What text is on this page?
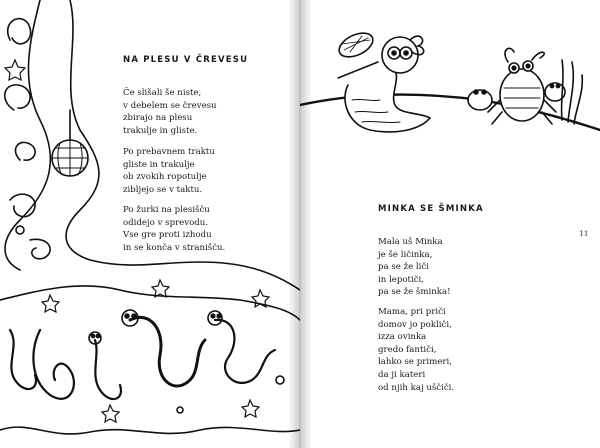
NA PLESU V ČREVESU

Če slišali še niste,
v debelem se črevesu
zbirajo na plesu
trakulje in gliste.

Po prebavnem traktu
gliste in trakulje
ob zvokih ropotulje
zibljejo se v taktu.

Po žurki na plesišču
odidejo v sprevodu.
Vse gre proti izhodu
in se konča v stranišču.

MINKA SE ŠMINKA
11

Mala uš Minka
je še ličinka,
pa se že liči
in lepotiči,
pa se že šminka!

Mama, pri priči
domov jo pokliči,
izza ovinka
gredo fantiči,
lahko se primeri,
da ji kateri
od njih kaj uščiči.
